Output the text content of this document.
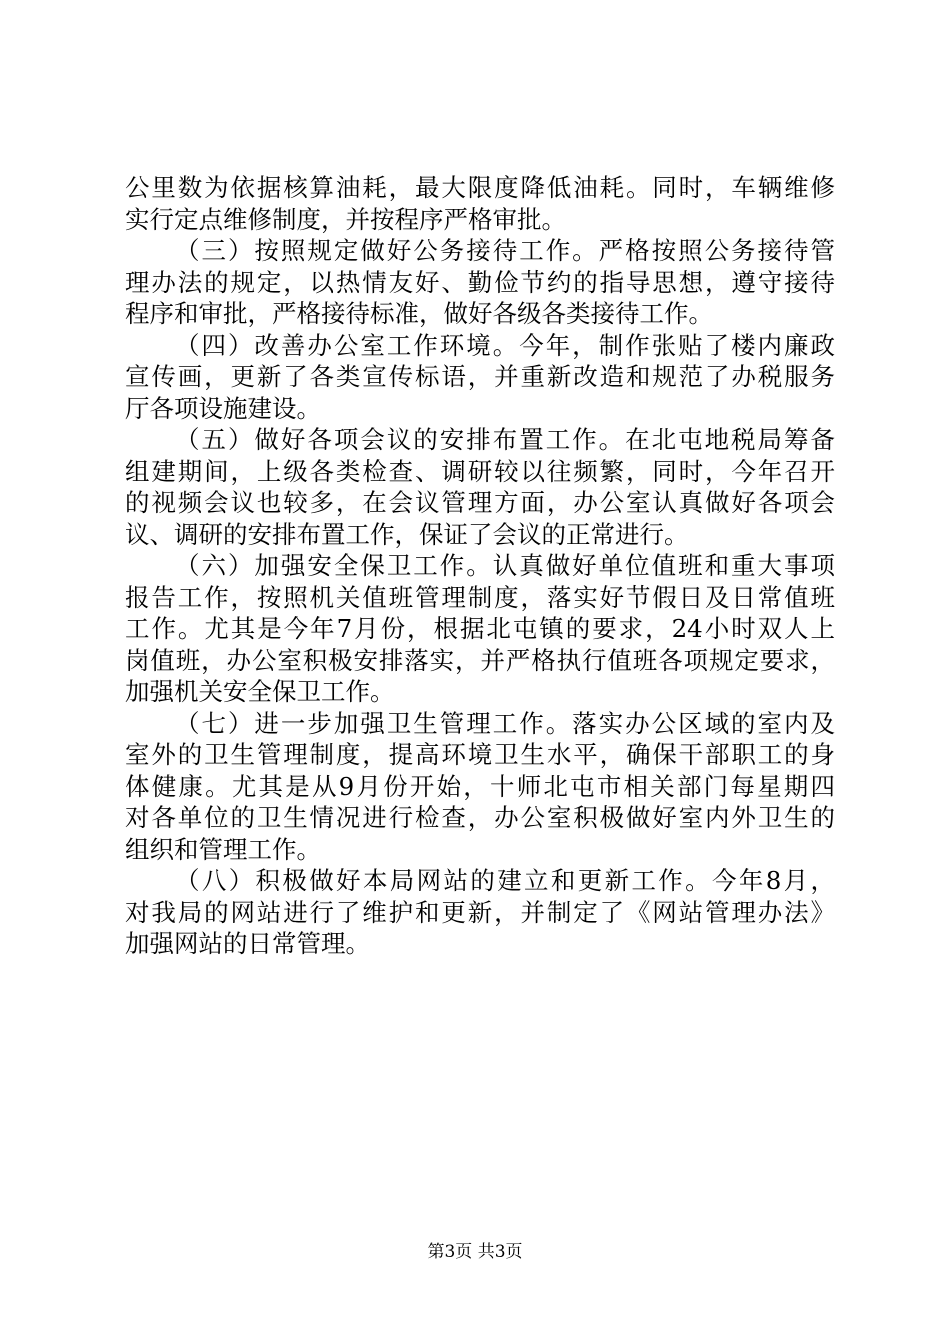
公里数为依据核算油耗，最大限度降低油耗。同时，车辆维修
实行定点维修制度，并按程序严格审批。
（三）按照规定做好公务接待工作。严格按照公务接待管
理办法的规定，以热情友好、勤俭节约的指导思想，遵守接待
程序和审批，严格接待标准，做好各级各类接待工作。
（四）改善办公室工作环境。今年，制作张贴了楼内廉政
宣传画，更新了各类宣传标语，并重新改造和规范了办税服务
厅各项设施建设。
（五）做好各项会议的安排布置工作。在北屯地税局筹备
组建期间，上级各类检查、调研较以往频繁，同时，今年召开
的视频会议也较多，在会议管理方面，办公室认真做好各项会
议、调研的安排布置工作，保证了会议的正常进行。
（六）加强安全保卫工作。认真做好单位值班和重大事项
报告工作，按照机关值班管理制度，落实好节假日及日常值班
工作。尤其是今年7月份，根据北屯镇的要求，24小时双人上
岗值班，办公室积极安排落实，并严格执行值班各项规定要求，
加强机关安全保卫工作。
（七）进一步加强卫生管理工作。落实办公区域的室内及
室外的卫生管理制度，提高环境卫生水平，确保干部职工的身
体健康。尤其是从9月份开始，十师北屯市相关部门每星期四
对各单位的卫生情况进行检查，办公室积极做好室内外卫生的
组织和管理工作。
（八）积极做好本局网站的建立和更新工作。今年8月，
对我局的网站进行了维护和更新，并制定了《网站管理办法》
加强网站的日常管理。
第3页 共3页
